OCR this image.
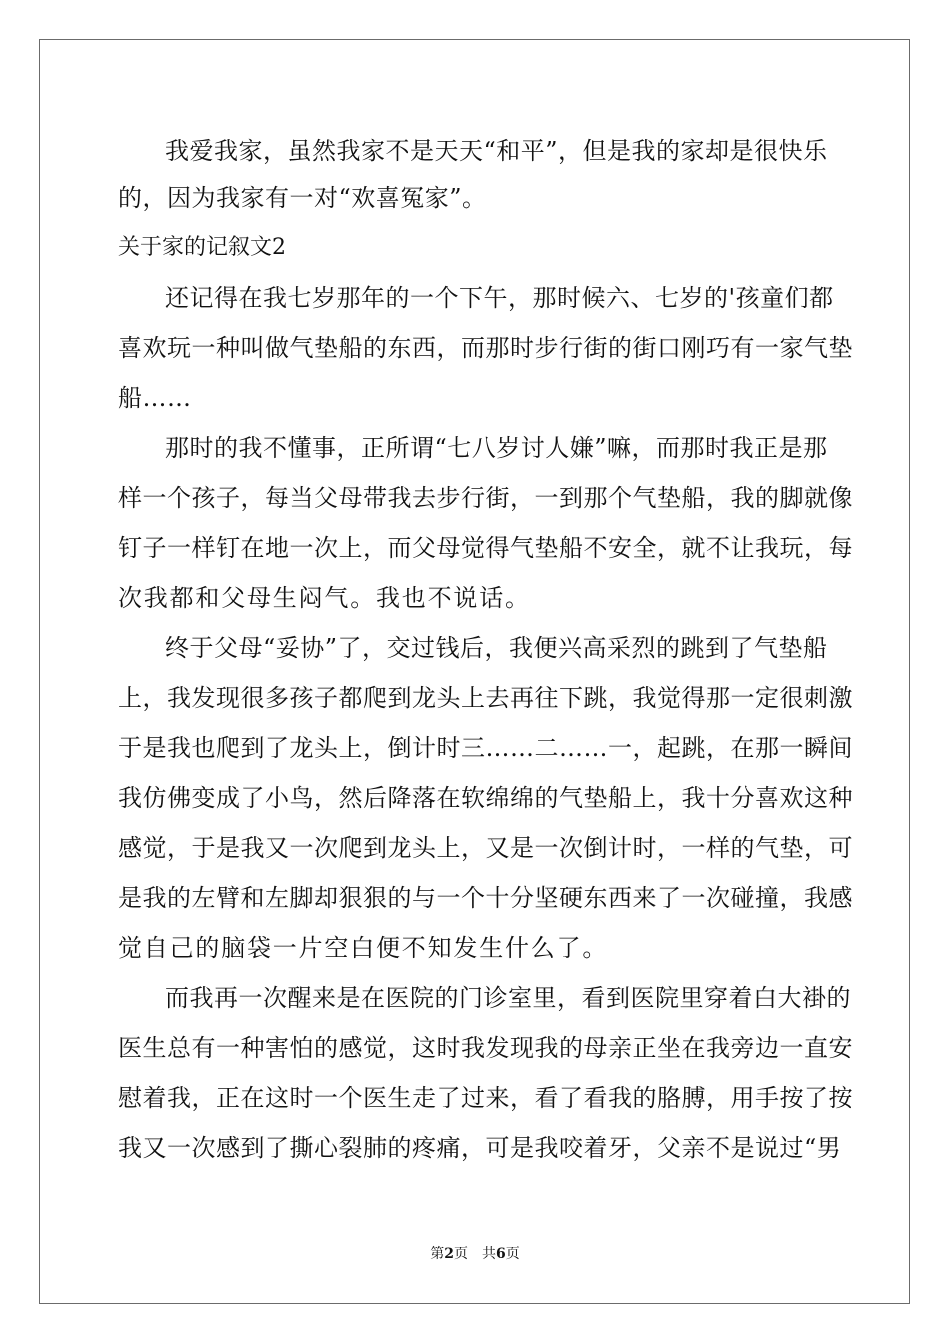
我爱我家，虽然我家不是天天“和平”，但是我的家却是很快乐
的，因为我家有一对“欢喜冤家”。
关于家的记叙文2
还记得在我七岁那年的一个下午，那时候六、七岁的'孩童们都
喜欢玩一种叫做气垫船的东西，而那时步行街的街口刚巧有一家气垫
船……
那时的我不懂事，正所谓“七八岁讨人嫌”嘛，而那时我正是那
样一个孩子，每当父母带我去步行街，一到那个气垫船，我的脚就像
钉子一样钉在地一次上，而父母觉得气垫船不安全，就不让我玩，每
次我都和父母生闷气。我也不说话。
终于父母“妥协”了，交过钱后，我便兴高采烈的跳到了气垫船
上，我发现很多孩子都爬到龙头上去再往下跳，我觉得那一定很刺激
于是我也爬到了龙头上，倒计时三……二……一，起跳，在那一瞬间
我仿佛变成了小鸟，然后降落在软绵绵的气垫船上，我十分喜欢这种
感觉，于是我又一次爬到龙头上，又是一次倒计时，一样的气垫，可
是我的左臂和左脚却狠狠的与一个十分坚硬东西来了一次碰撞，我感
觉自己的脑袋一片空白便不知发生什么了。
而我再一次醒来是在医院的门诊室里，看到医院里穿着白大褂的
医生总有一种害怕的感觉，这时我发现我的母亲正坐在我旁边一直安
慰着我，正在这时一个医生走了过来，看了看我的胳膊，用手按了按
我又一次感到了撕心裂肺的疼痛，可是我咬着牙，父亲不是说过“男
第2页　共6页
